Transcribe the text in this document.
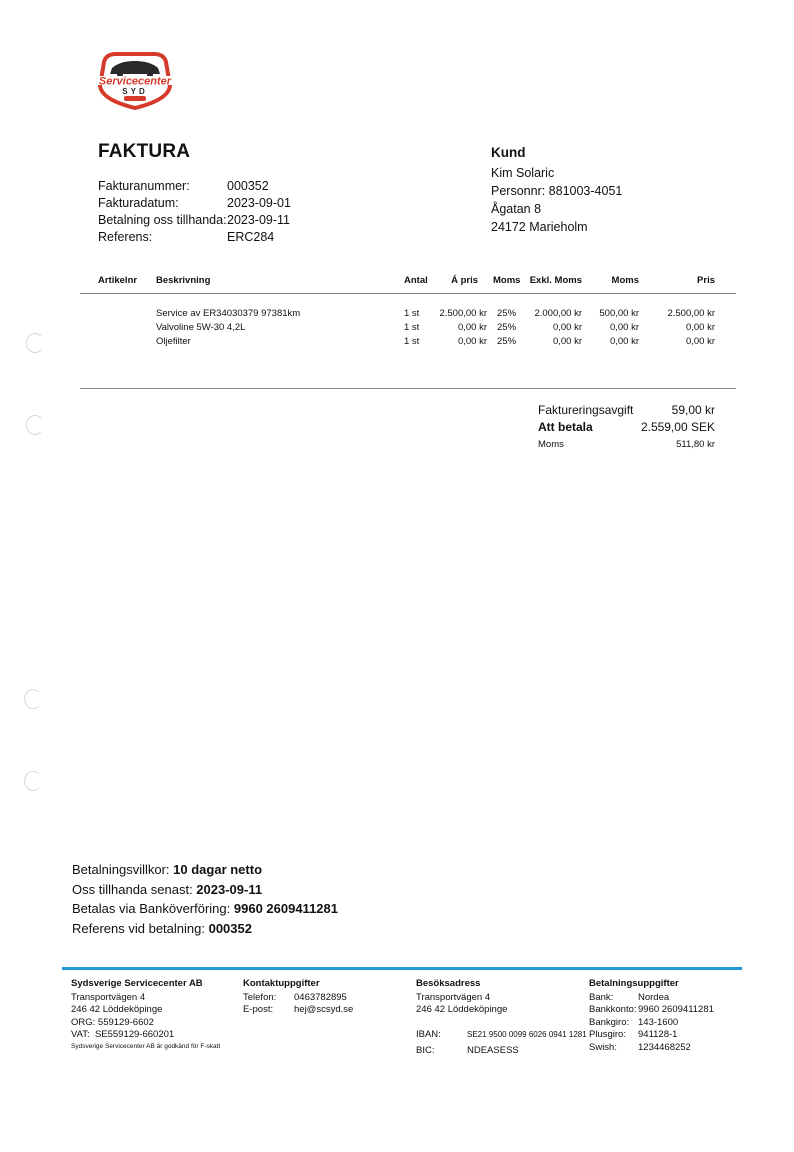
Servicecenter
SYD
FAKTURA
Fakturanummer:	000352
Fakturadatum:	2023-09-01
Betalning oss tillhanda: 2023-09-11
Referens:	ERC284
Kund
Kim Solaric
Personnr: 881003-4051
Ågatan 8
24172 Marieholm
Artikelnr Beskrivning	Antal	Á pris Moms Exkl. Moms	Moms	Pris
Service av ER34030379 97381km	1 st	2.500,00 kr 25%	2.000,00 kr	500,00 kr	2.500,00 kr
Valvoline 5W-30 4,2L	1 st	0,00 kr 25%	0,00 kr	0,00 kr	0,00 kr
Oljefilter	1 st	0,00 kr 25%	0,00 kr	0,00 kr	0,00 kr
Faktureringsavgift	59,00 kr
Att betala	2.559,00 SEK
Moms	511,80 kr
Betalningsvillkor: 10 dagar netto
Oss tillhanda senast: 2023-09-11
Betalas via Banköverföring: 9960 2609411281
Referens vid betalning: 000352
Sydsverige Servicecenter AB
Transportvägen 4
246 42 Löddeköpinge
ORG: 559129-6602
VAT: SE559129-660201
Sydsverige Servicecenter AB är godkänd för F-skatt
Kontaktuppgifter
Telefon:	0463782895
E-post:	hej@scsyd.se
Besöksadress
Transportvägen 4
246 42 Löddeköpinge
IBAN:	SE21 9500 0099 6026 0941 1281
BIC:	NDEASESS
Betalningsuppgifter
Bank:	Nordea
Bankkonto: 9960 2609411281
Bankgiro: 143-1600
Plusgiro:	941128-1
Swish:	1234468252
